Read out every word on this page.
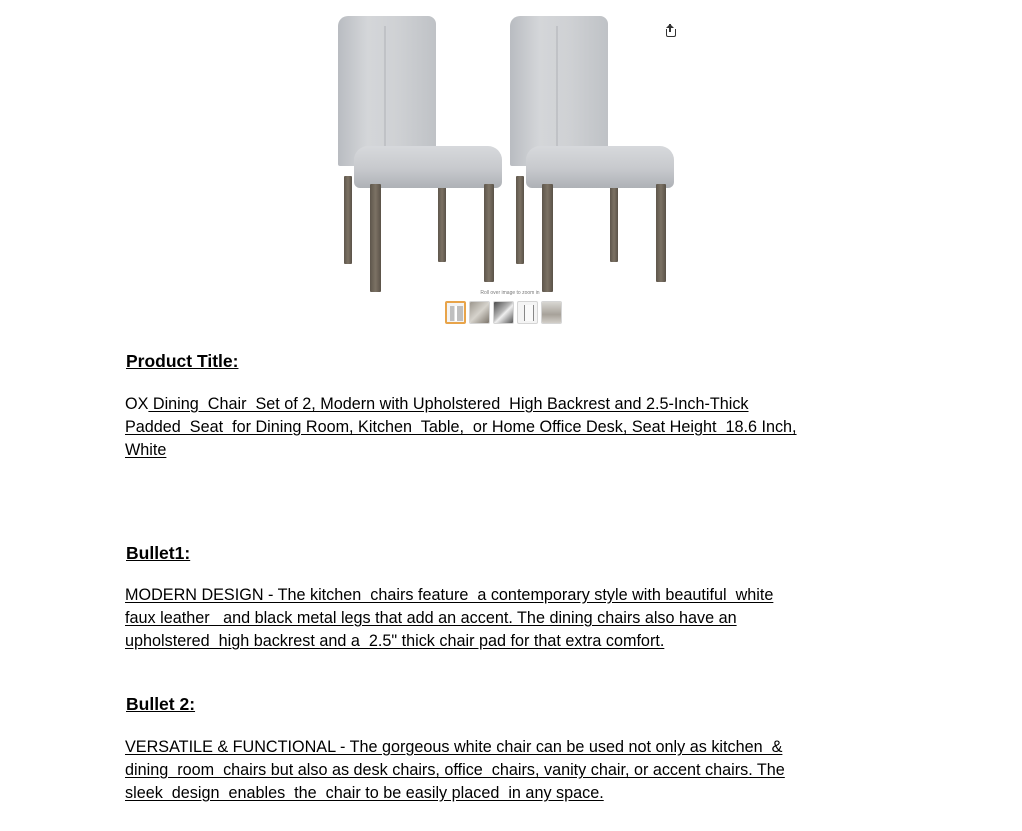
Roll over image to zoom in
Product Title:
OX Dining  Chair  Set of 2, Modern with Upholstered  High Backrest and 2.5-Inch-Thick
Padded  Seat  for Dining Room, Kitchen  Table,  or Home Office Desk, Seat Height  18.6 Inch,
White
Bullet1:
MODERN DESIGN - The kitchen  chairs feature  a contemporary style with beautiful  white
faux leather   and black metal legs that add an accent. The dining chairs also have an
upholstered  high backrest and a  2.5" thick chair pad for that extra comfort.
Bullet 2:
VERSATILE & FUNCTIONAL - The gorgeous white chair can be used not only as kitchen  &
dining  room  chairs but also as desk chairs, office  chairs, vanity chair, or accent chairs. The
sleek  design  enables  the  chair to be easily placed  in any space.
